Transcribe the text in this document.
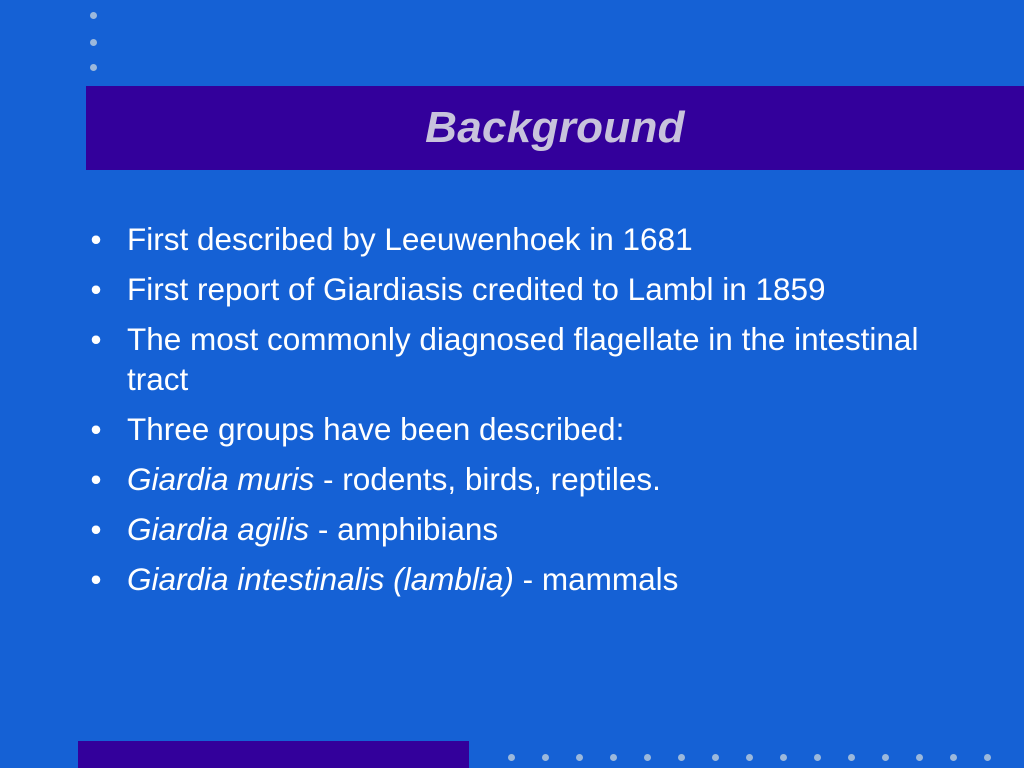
Background
• First described by Leeuwenhoek in 1681
• First report of Giardiasis credited to Lambl in 1859
• The most commonly diagnosed flagellate in the intestinal tract
• Three groups have been described:
• Giardia muris - rodents, birds, reptiles.
• Giardia agilis - amphibians
• Giardia intestinalis (lamblia) - mammals
